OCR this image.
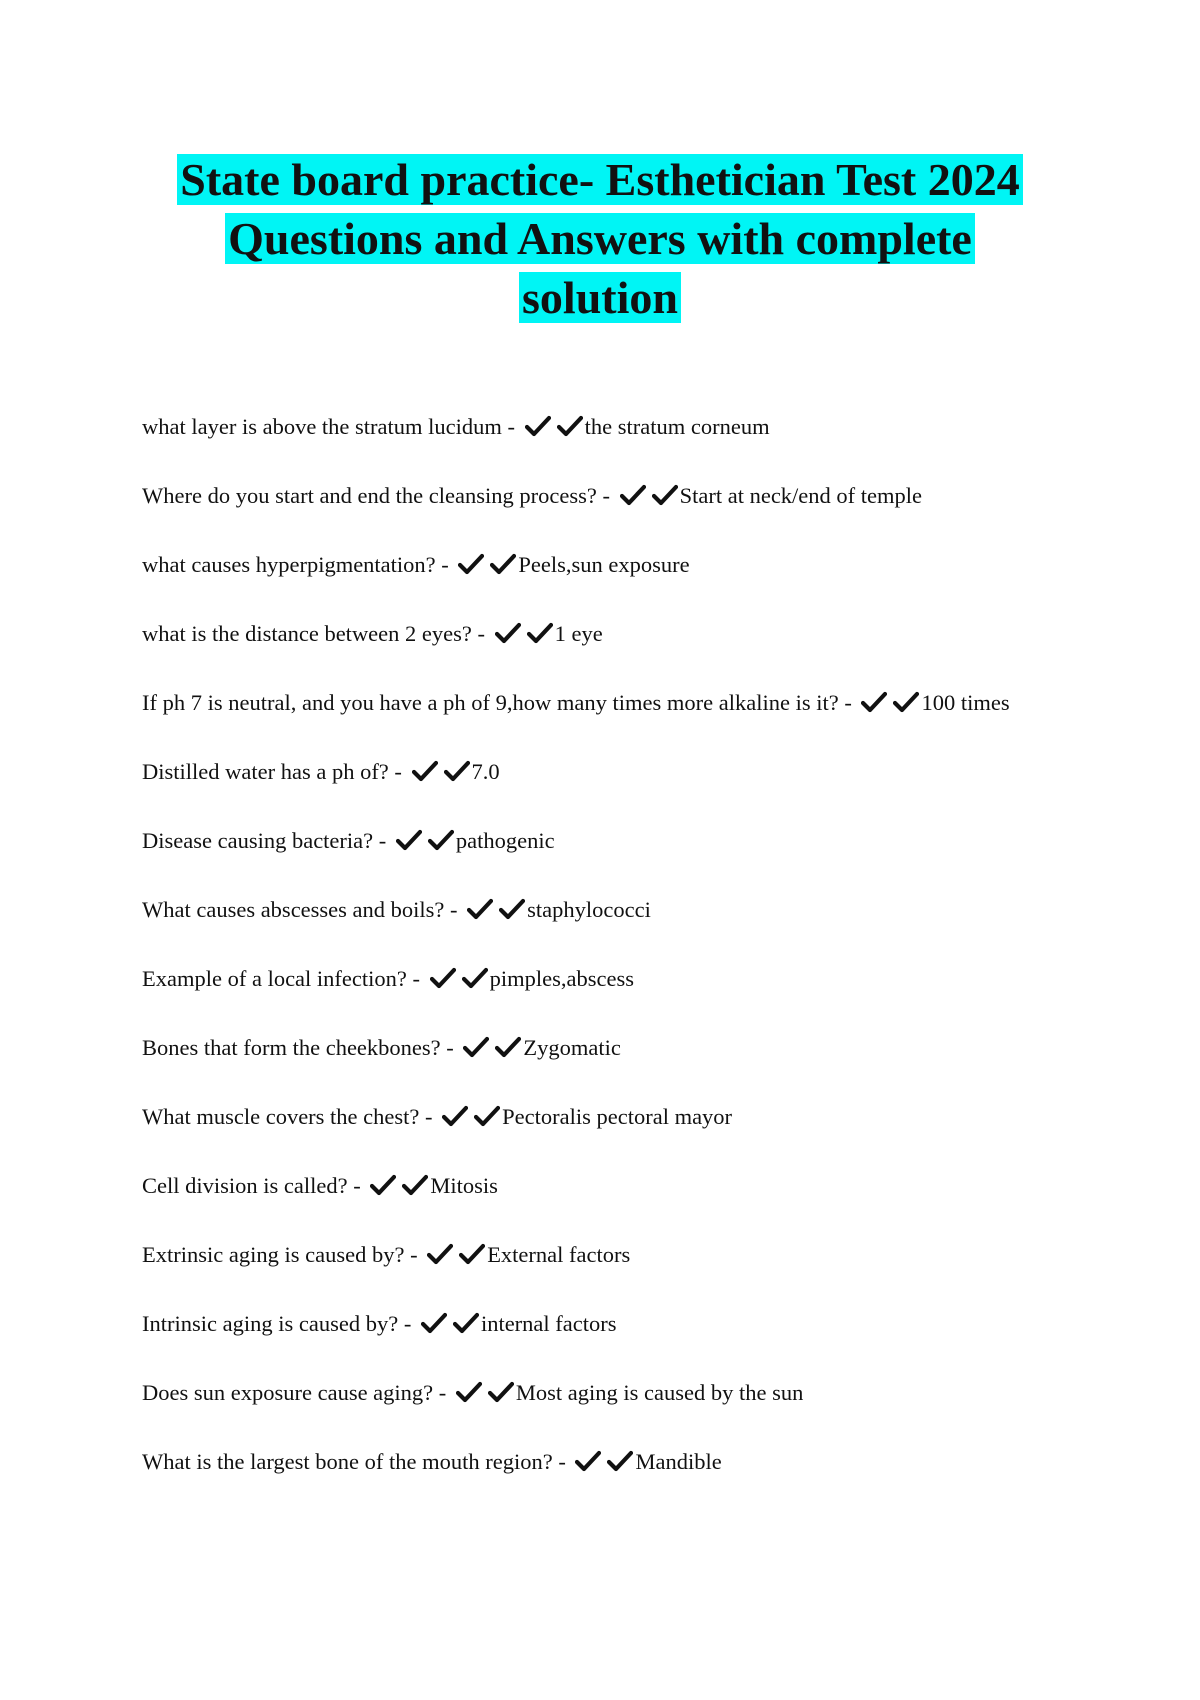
State board practice- Esthetician Test 2024
Questions and Answers with complete
solution
what layer is above the stratum lucidum -	the stratum corneum
Where do you start and end the cleansing process? -	Start at neck/end of temple
what causes hyperpigmentation? -	Peels,sun exposure
what is the distance between 2 eyes? -	1 eye
If ph 7 is neutral, and you have a ph of 9,how many times more alkaline is it? -	100 times
Distilled water has a ph of? -	7.0
Disease causing bacteria? -	pathogenic
What causes abscesses and boils? -	staphylococci
Example of a local infection? -	pimples,abscess
Bones that form the cheekbones? -	Zygomatic
What muscle covers the chest? -	Pectoralis pectoral mayor
Cell division is called? -	Mitosis
Extrinsic aging is caused by? -	External factors
Intrinsic aging is caused by? -	internal factors
Does sun exposure cause aging? -	Most aging is caused by the sun
What is the largest bone of the mouth region? -	Mandible
